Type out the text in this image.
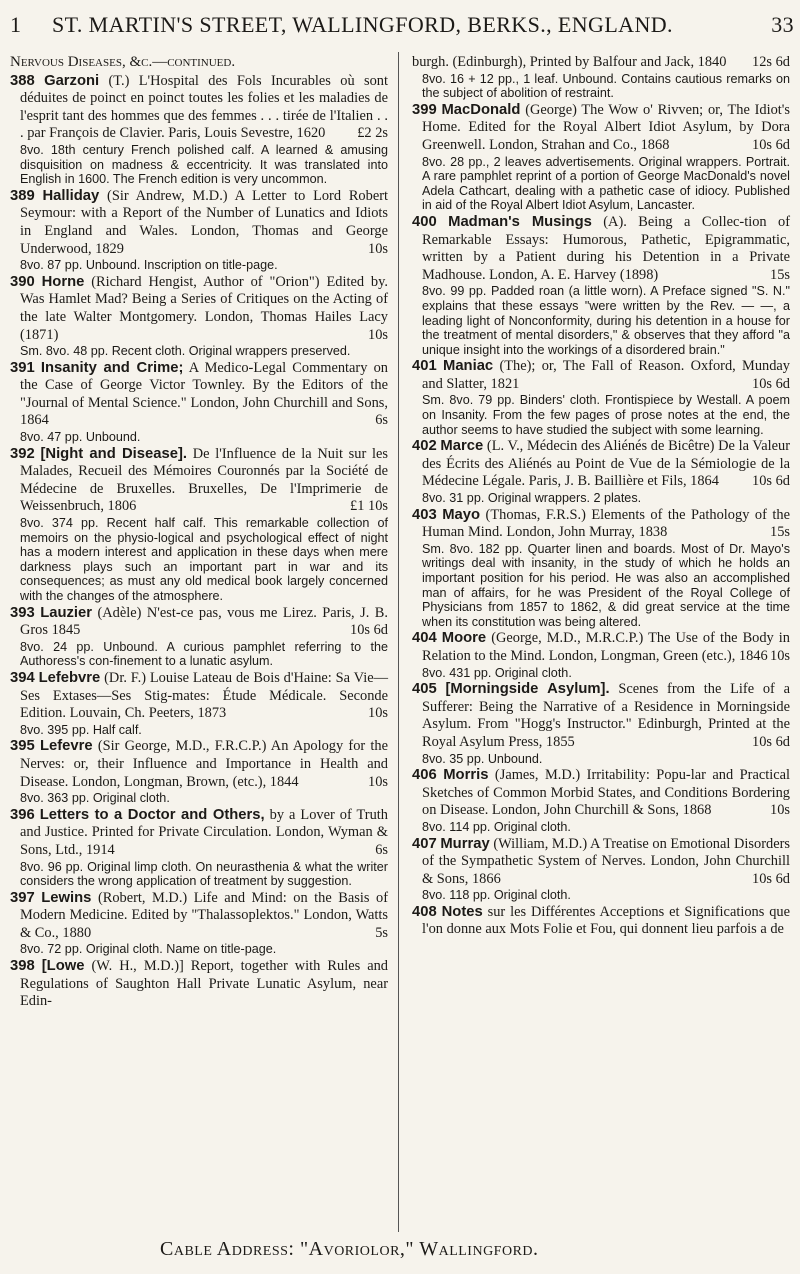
1 ST. MARTIN'S STREET, WALLINGFORD, BERKS., ENGLAND.	33
Nervous Diseases, &c.—continued.
388 Garzoni (T.) L'Hospital des Fols Incurables où sont déduites de poinct en poinct toutes les folies et les maladies de l'esprit tant des hommes que des femmes . . . tirée de l'Italien . . . par François de Clavier. Paris, Louis Sevestre, 1620 £2 2s
8vo. 18th century French polished calf. A learned & amusing disquisition on madness & eccentricity. It was translated into English in 1600. The French edition is very uncommon.
389 Halliday (Sir Andrew, M.D.) A Letter to Lord Robert Seymour: with a Report of the Number of Lunatics and Idiots in England and Wales. London, Thomas and George Underwood, 1829	10s
8vo. 87 pp. Unbound. Inscription on title-page.
390 Horne (Richard Hengist, Author of "Orion") Edited by. Was Hamlet Mad? Being a Series of Critiques on the Acting of the late Walter Montgomery. London, Thomas Hailes Lacy (1871)	10s
Sm. 8vo. 48 pp. Recent cloth. Original wrappers preserved.
391 Insanity and Crime; A Medico-Legal Commentary on the Case of George Victor Townley. By the Editors of the "Journal of Mental Science." London, John Churchill and Sons, 1864	6s
8vo. 47 pp. Unbound.
392 [Night and Disease]. De l'Influence de la Nuit sur les Malades, Recueil des Mémoires Couronnés par la Société de Médecine de Bruxelles. Bruxelles, De l'Imprimerie de Weissenbruch, 1806	£1 10s
8vo. 374 pp. Recent half calf. This remarkable collection of memoirs on the physio-logical and psychological effect of night has a modern interest and application in these days when mere darkness plays such an important part in war and its consequences; as must any old medical book largely concerned with the changes of the atmosphere.
393 Lauzier (Adèle) N'est-ce pas, vous me Lirez. Paris, J. B. Gros 1845	10s 6d
8vo. 24 pp. Unbound. A curious pamphlet referring to the Authoress's con-finement to a lunatic asylum.
394 Lefebvre (Dr. F.) Louise Lateau de Bois d'Haine: Sa Vie—Ses Extases—Ses Stig-mates: Étude Médicale. Seconde Edition. Louvain, Ch. Peeters, 1873	10s
8vo. 395 pp. Half calf.
395 Lefevre (Sir George, M.D., F.R.C.P.) An Apology for the Nerves: or, their Influence and Importance in Health and Disease. London, Longman, Brown, (etc.), 1844	10s
8vo. 363 pp. Original cloth.
396 Letters to a Doctor and Others, by a Lover of Truth and Justice. Printed for Private Circulation. London, Wyman & Sons, Ltd., 1914	6s
8vo. 96 pp. Original limp cloth. On neurasthenia & what the writer considers the wrong application of treatment by suggestion.
397 Lewins (Robert, M.D.) Life and Mind: on the Basis of Modern Medicine. Edited by "Thalassoplektos." London, Watts & Co., 1880	5s
8vo. 72 pp. Original cloth. Name on title-page.
398 [Lowe (W. H., M.D.)] Report, together with Rules and Regulations of Saughton Hall Private Lunatic Asylum, near Edin-
burgh. (Edinburgh), Printed by Balfour and Jack, 1840 12s 6d
8vo. 16 + 12 pp., 1 leaf. Unbound. Contains cautious remarks on the subject of abolition of restraint.
399 MacDonald (George) The Wow o' Rivven; or, The Idiot's Home. Edited for the Royal Albert Idiot Asylum, by Dora Greenwell. London, Strahan and Co., 1868	10s 6d
8vo. 28 pp., 2 leaves advertisements. Original wrappers. Portrait. A rare pamphlet reprint of a portion of George MacDonald's novel Adela Cathcart, dealing with a pathetic case of idiocy. Published in aid of the Royal Albert Idiot Asylum, Lancaster.
400 Madman's Musings (A). Being a Collec-tion of Remarkable Essays: Humorous, Pathetic, Epigrammatic, written by a Patient during his Detention in a Private Madhouse. London, A. E. Harvey (1898)	15s
8vo. 99 pp. Padded roan (a little worn). A Preface signed "S. N." explains that these essays "were written by the Rev. — —, a leading light of Nonconformity, during his detention in a house for the treatment of mental disorders," & observes that they afford "a unique insight into the workings of a disordered brain."
401 Maniac (The); or, The Fall of Reason. Oxford, Munday and Slatter, 1821	10s 6d
Sm. 8vo. 79 pp. Binders' cloth. Frontispiece by Westall. A poem on Insanity. From the few pages of prose notes at the end, the author seems to have studied the subject with some learning.
402 Marce (L. V., Médecin des Aliénés de Bicêtre) De la Valeur des Écrits des Aliénés au Point de Vue de la Sémiologie de la Médecine Légale. Paris, J. B. Baillière et Fils, 1864 10s 6d
8vo. 31 pp. Original wrappers. 2 plates.
403 Mayo (Thomas, F.R.S.) Elements of the Pathology of the Human Mind. London, John Murray, 1838	15s
Sm. 8vo. 182 pp. Quarter linen and boards. Most of Dr. Mayo's writings deal with insanity, in the study of which he holds an important position for his period. He was also an accomplished man of affairs, for he was President of the Royal College of Physicians from 1857 to 1862, & did great service at the time when its constitution was being altered.
404 Moore (George, M.D., M.R.C.P.) The Use of the Body in Relation to the Mind. London, Longman, Green (etc.), 1846 10s
8vo. 431 pp. Original cloth.
405 [Morningside Asylum]. Scenes from the Life of a Sufferer: Being the Narrative of a Residence in Morningside Asylum. From "Hogg's Instructor." Edinburgh, Printed at the Royal Asylum Press, 1855	10s 6d
8vo. 35 pp. Unbound.
406 Morris (James, M.D.) Irritability: Popu-lar and Practical Sketches of Common Morbid States, and Conditions Bordering on Disease. London, John Churchill & Sons, 1868	10s
8vo. 114 pp. Original cloth.
407 Murray (William, M.D.) A Treatise on Emotional Disorders of the Sympathetic System of Nerves. London, John Churchill & Sons, 1866	10s 6d
8vo. 118 pp. Original cloth.
408 Notes sur les Différentes Acceptions et Significations que l'on donne aux Mots Folie et Fou, qui donnent lieu parfois a de
Cable Address: "Avoriolor," Wallingford.
